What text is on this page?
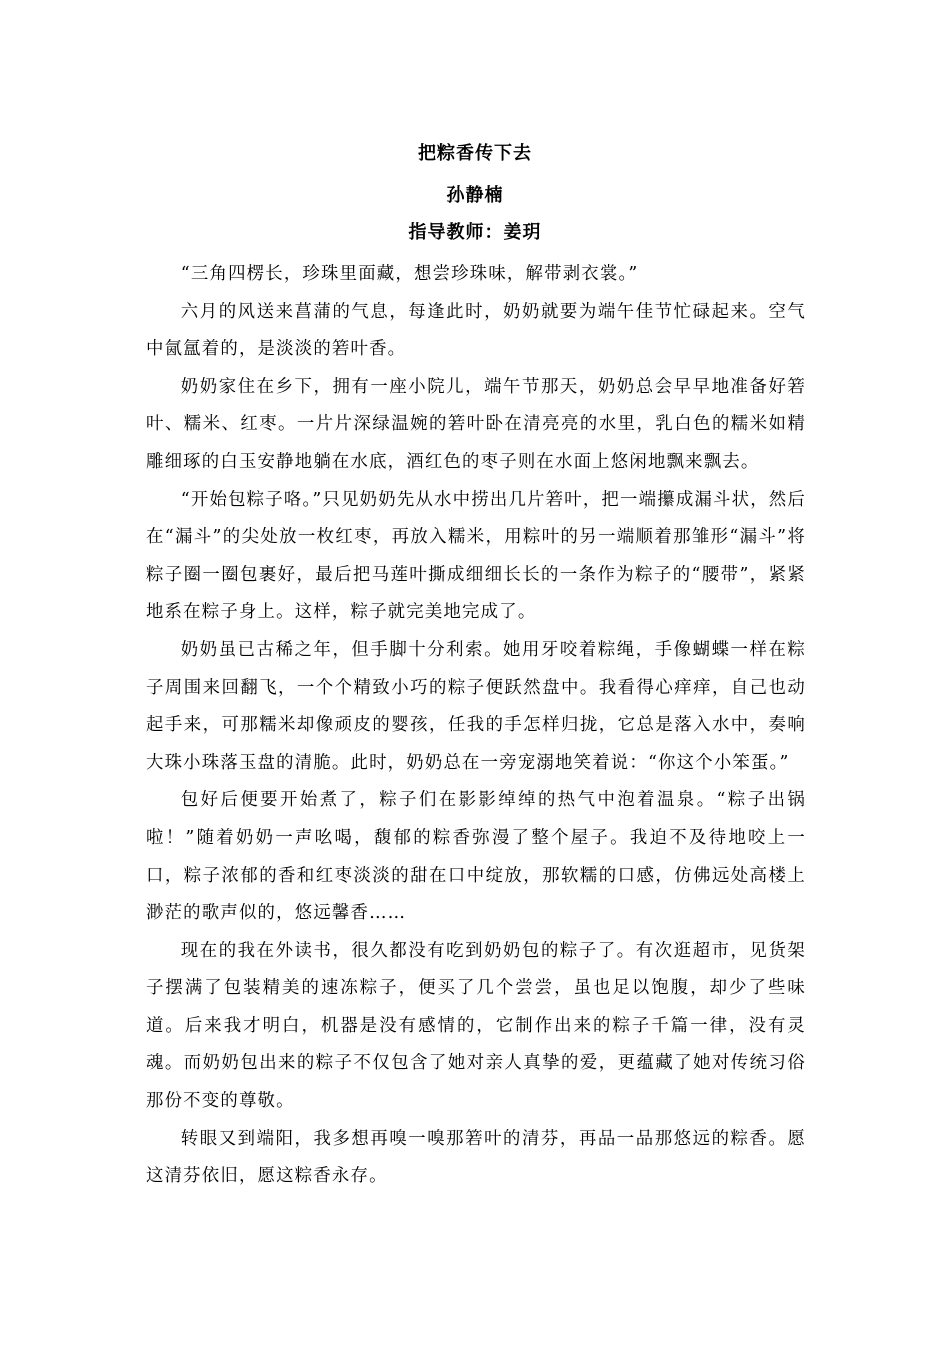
把粽香传下去
孙静楠
指导教师：姜玥

“三角四楞长，珍珠里面藏，想尝珍珠味，解带剥衣裳。”

六月的风送来菖蒲的气息，每逢此时，奶奶就要为端午佳节忙碌起来。空气中氤氲着的，是淡淡的箬叶香。

奶奶家住在乡下，拥有一座小院儿，端午节那天，奶奶总会早早地准备好箬叶、糯米、红枣。一片片深绿温婉的箬叶卧在清亮亮的水里，乳白色的糯米如精雕细琢的白玉安静地躺在水底，酒红色的枣子则在水面上悠闲地飘来飘去。

“开始包粽子咯。”只见奶奶先从水中捞出几片箬叶，把一端攥成漏斗状，然后在“漏斗”的尖处放一枚红枣，再放入糯米，用粽叶的另一端顺着那雏形“漏斗”将粽子圈一圈包裹好，最后把马莲叶撕成细细长长的一条作为粽子的“腰带”，紧紧地系在粽子身上。这样，粽子就完美地完成了。

奶奶虽已古稀之年，但手脚十分利索。她用牙咬着粽绳，手像蝴蝶一样在粽子周围来回翻飞，一个个精致小巧的粽子便跃然盘中。我看得心痒痒，自己也动起手来，可那糯米却像顽皮的婴孩，任我的手怎样归拢，它总是落入水中，奏响大珠小珠落玉盘的清脆。此时，奶奶总在一旁宠溺地笑着说：“你这个小笨蛋。”

包好后便要开始煮了，粽子们在影影绰绰的热气中泡着温泉。“粽子出锅啦！”随着奶奶一声吆喝，馥郁的粽香弥漫了整个屋子。我迫不及待地咬上一口，粽子浓郁的香和红枣淡淡的甜在口中绽放，那软糯的口感，仿佛远处高楼上渺茫的歌声似的，悠远馨香……

现在的我在外读书，很久都没有吃到奶奶包的粽子了。有次逛超市，见货架子摆满了包装精美的速冻粽子，便买了几个尝尝，虽也足以饱腹，却少了些味道。后来我才明白，机器是没有感情的，它制作出来的粽子千篇一律，没有灵魂。而奶奶包出来的粽子不仅包含了她对亲人真挚的爱，更蕴藏了她对传统习俗那份不变的尊敬。

转眼又到端阳，我多想再嗅一嗅那箬叶的清芬，再品一品那悠远的粽香。愿这清芬依旧，愿这粽香永存。
